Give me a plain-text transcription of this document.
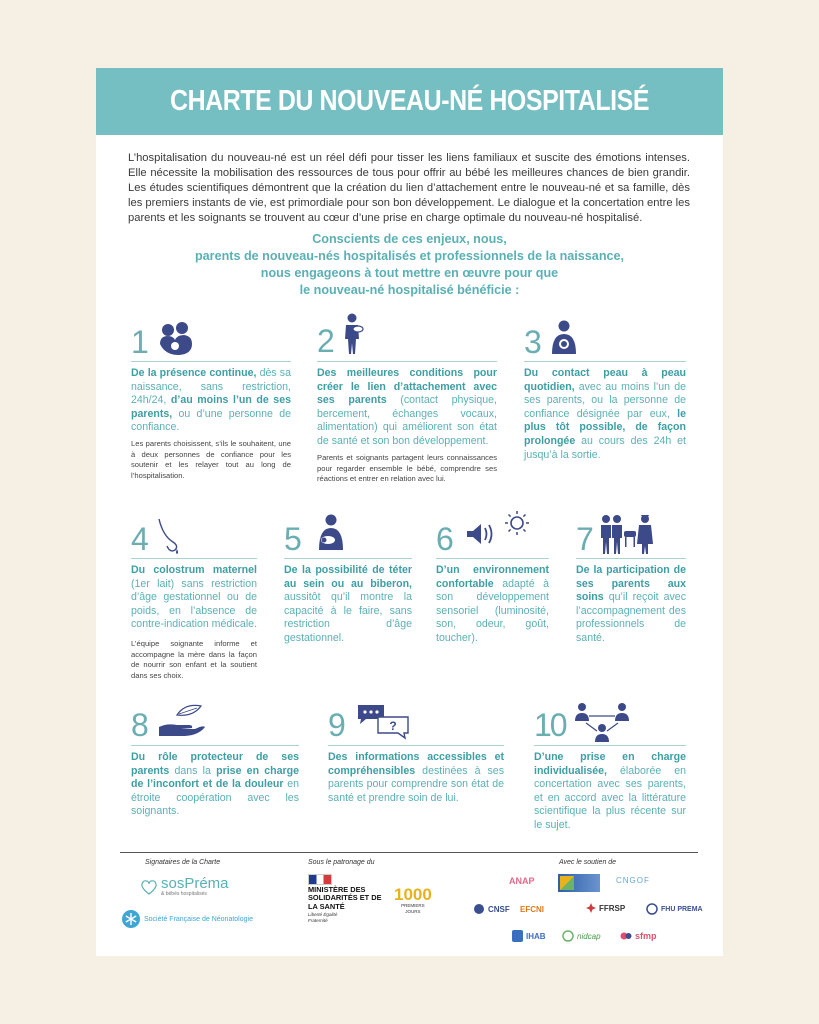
CHARTE DU NOUVEAU-NÉ HOSPITALISÉ

L’hospitalisation du nouveau-né est un réel défi pour tisser les liens familiaux et suscite des émotions intenses. Elle nécessite la mobilisation des ressources de tous pour offrir au bébé les meilleures chances de bien grandir. Les études scientifiques démontrent que la création du lien d’attachement entre le nouveau-né et sa famille, dès les premiers instants de vie, est primordiale pour son bon développement. Le dialogue et la concertation entre les parents et les soignants se trouvent au cœur d’une prise en charge optimale du nouveau-né hospitalisé.

Conscients de ces enjeux, nous,
parents de nouveau-nés hospitalisés et professionnels de la naissance,
nous engageons à tout mettre en œuvre pour que
le nouveau-né hospitalisé bénéficie :
1

De la présence continue, dès sa naissance, sans restriction, 24h/24, d’au moins l’un de ses parents, ou d’une personne de confiance.

Les parents choisissent, s’ils le souhaitent, une à deux personnes de confiance pour les soutenir et les relayer tout au long de l’hospitalisation.

2

Des meilleures conditions pour créer le lien d’attachement avec ses parents (contact physique, bercement, échanges vocaux, alimentation) qui améliorent son état de santé et son bon développement.

Parents et soignants partagent leurs connaissances pour regarder ensemble le bébé, comprendre ses réactions et entrer en relation avec lui.

3

Du contact peau à peau quotidien, avec au moins l’un de ses parents, ou la personne de confiance désignée par eux, le plus tôt possible, de façon prolongée au cours des 24h et jusqu’à la sortie.

4

Du colostrum maternel (1er lait) sans restriction d’âge gestationnel ou de poids, en l’absence de contre-indication médicale.

L’équipe soignante informe et accompagne la mère dans la façon de nourrir son enfant et la soutient dans ses choix.

5

De la possibilité de téter au sein ou au biberon, aussitôt qu’il montre la capacité à le faire, sans restriction d’âge gestationnel.

6

D’un environnement confortable adapté à son développement sensoriel (luminosité, son, odeur, goût, toucher).

7

De la participation de ses parents aux soins qu’il reçoit avec l’accompagnement des professionnels de santé.

8

Du rôle protecteur de ses parents dans la prise en charge de l’inconfort et de la douleur en étroite coopération avec les soignants.

9	?

Des informations accessibles et compréhensibles destinées à ses parents pour comprendre son état de santé et prendre soin de lui.

10

D’une prise en charge individualisée, élaborée en concertation avec ses parents, et en accord avec la littérature scientifique la plus récente sur le sujet.

Signataires de la Charte	Sous le patronage du	Avec le soutien de
sosPréma
& bébés hospitalisés
Société Française de Néonatologie
MINISTÈRE DES SOLIDARITÉS ET DE LA SANTÉ
Liberté Égalité Fraternité
1000
PREMIERS JOURS
ANAP	CNGOF
CNSF EFCNI	FFRSP	FHU PREMA
IHAB	nidcap	sfmp
